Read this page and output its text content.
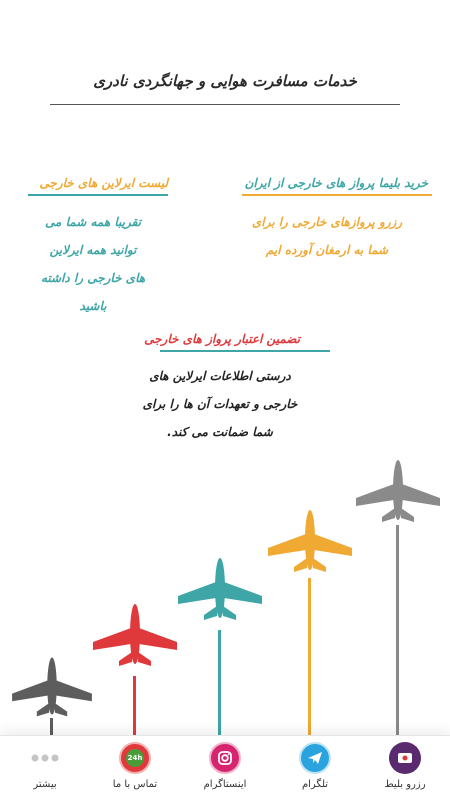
خدمات مسافرت هوایی و جهانگردی نادری
خرید بلیما پرواز های خارجی از ایران
رزرو پروازهای خارجی را برای
شما به ارمغان آورده ایم
لیست ایرلاین های خارجی
تقریبا همه شما می
توانید همه ایرلاین
های خارجی را داشته
باشید
تضمین اعتبار پرواز های خارجی
درستی اطلاعات ایرلاین های
خارجی و تعهدات آن ها را برای
شما ضمانت می کند.
رزرو بلیط
تلگرام
اینستاگرام
24h
تماس با ما
بیشتر
